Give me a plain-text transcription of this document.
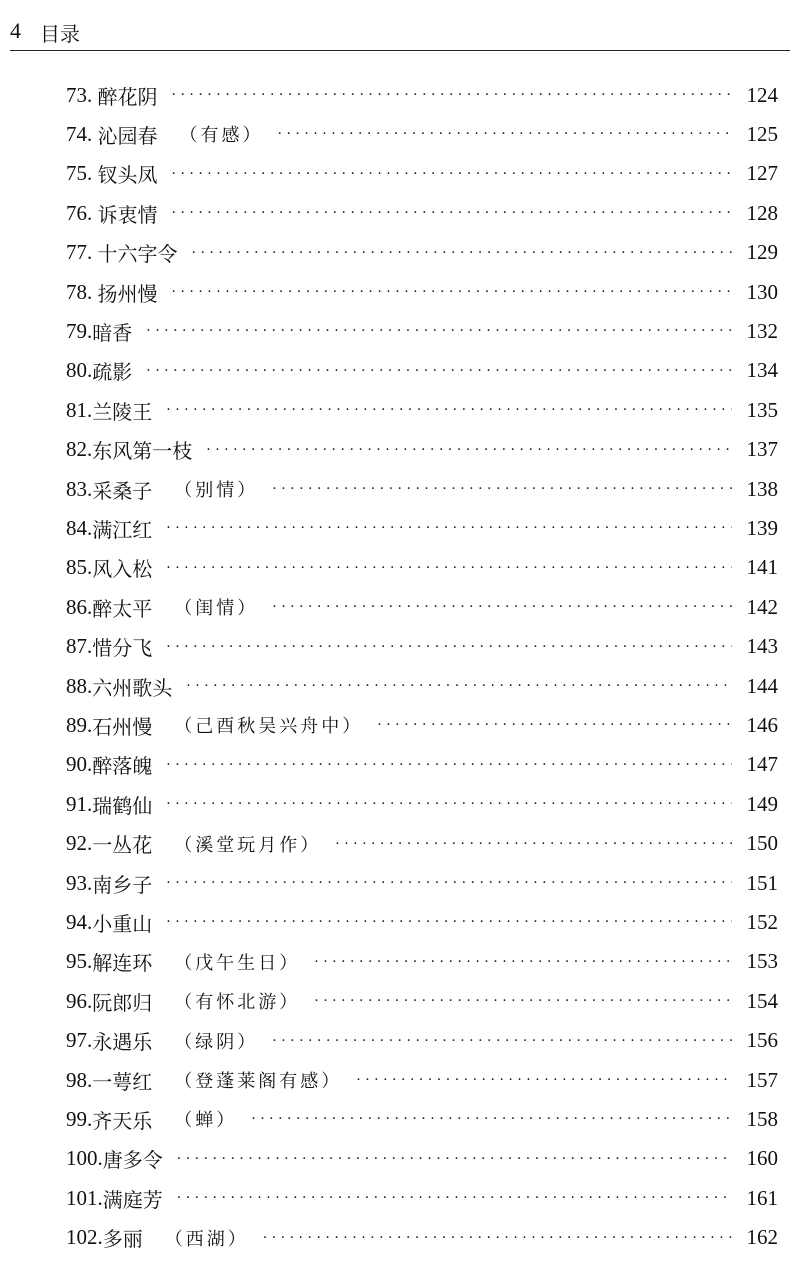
4 目录
73. 醉花阴 ·····	124
74. 沁园春 （有感） ·····	125
75. 钗头凤 ·····	127
76. 诉衷情 ·····	128
77. 十六字令 ·····	129
78. 扬州慢 ·····	130
79. 暗香 ·····	132
80. 疏影 ·····	134
81. 兰陵王 ·····	135
82. 东风第一枝 ·····	137
83. 采桑子 （别情） ·····	138
84. 满江红 ·····	139
85. 风入松 ·····	141
86. 醉太平 （闺情） ·····	142
87. 惜分飞 ·····	143
88. 六州歌头 ·····	144
89. 石州慢 （己酉秋吴兴舟中） ·····	146
90. 醉落魄 ·····	147
91. 瑞鹤仙 ·····	149
92. 一丛花 （溪堂玩月作） ·····	150
93. 南乡子 ·····	151
94. 小重山 ·····	152
95. 解连环 （戊午生日） ·····	153
96. 阮郎归 （有怀北游） ·····	154
97. 永遇乐 （绿阴） ·····	156
98. 一萼红 （登蓬莱阁有感） ·····	157
99. 齐天乐 （蝉） ·····	158
100. 唐多令 ·····	160
101. 满庭芳 ·····	161
102. 多丽 （西湖） ·····	162
